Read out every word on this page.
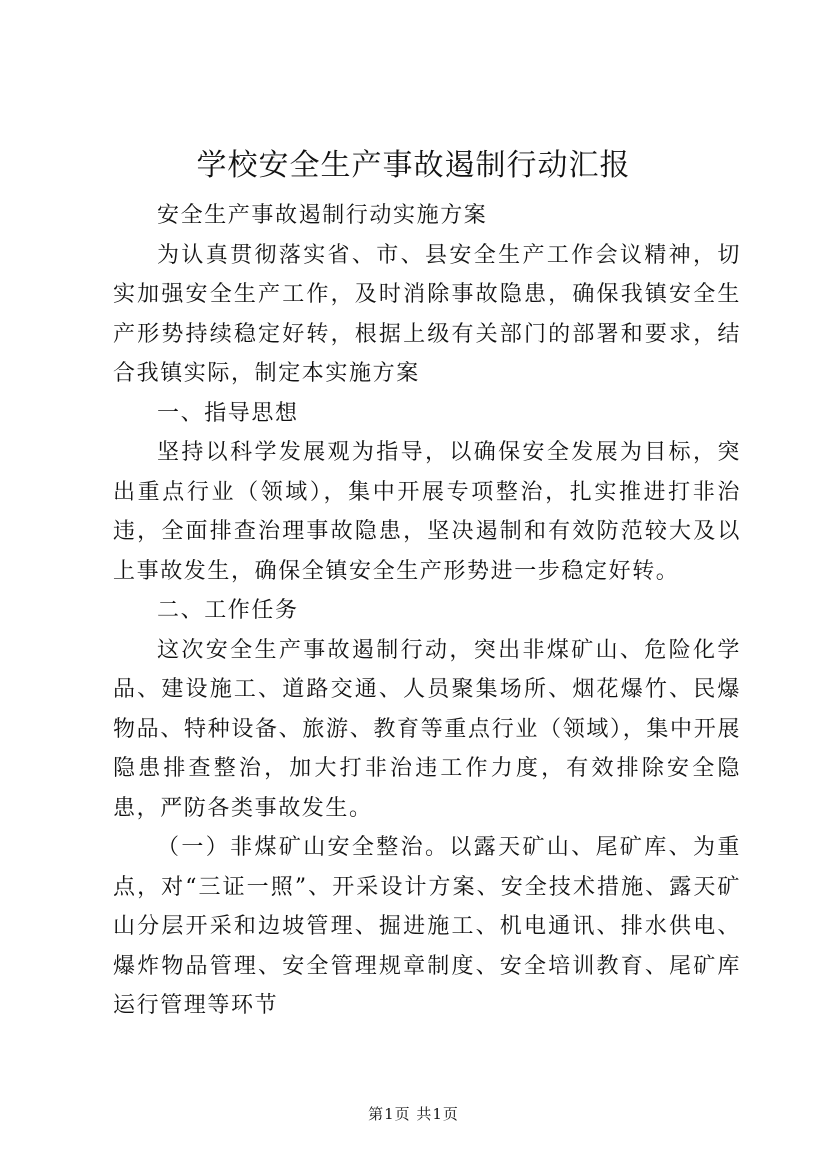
学校安全生产事故遏制行动汇报

安全生产事故遏制行动实施方案

为认真贯彻落实省、市、县安全生产工作会议精神，切实加强安全生产工作，及时消除事故隐患，确保我镇安全生产形势持续稳定好转，根据上级有关部门的部署和要求，结合我镇实际，制定本实施方案

一、指导思想

坚持以科学发展观为指导，以确保安全发展为目标，突出重点行业（领域），集中开展专项整治，扎实推进打非治违，全面排查治理事故隐患，坚决遏制和有效防范较大及以上事故发生，确保全镇安全生产形势进一步稳定好转。

二、工作任务

这次安全生产事故遏制行动，突出非煤矿山、危险化学品、建设施工、道路交通、人员聚集场所、烟花爆竹、民爆物品、特种设备、旅游、教育等重点行业（领域），集中开展隐患排查整治，加大打非治违工作力度，有效排除安全隐患，严防各类事故发生。

（一）非煤矿山安全整治。以露天矿山、尾矿库、为重点，对“三证一照”、开采设计方案、安全技术措施、露天矿山分层开采和边坡管理、掘进施工、机电通讯、排水供电、爆炸物品管理、安全管理规章制度、安全培训教育、尾矿库运行管理等环节

第1页 共1页
